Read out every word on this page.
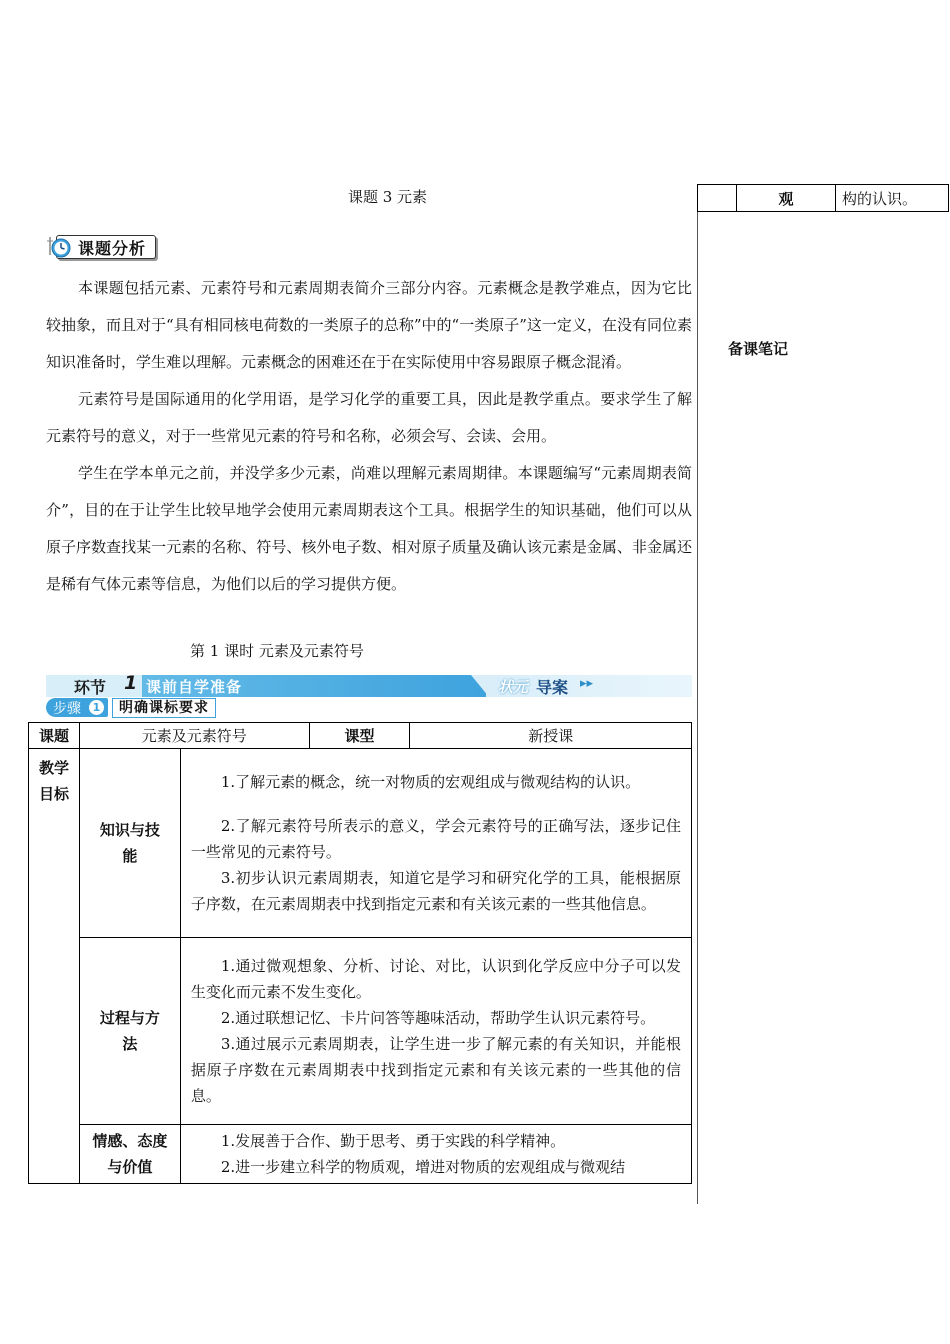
课题 3 元素
		观	构的认识。
备课笔记
课题分析

本课题包括元素、元素符号和元素周期表简介三部分内容。元素概念是教学难点，因为它比较抽象，而且对于“具有相同核电荷数的一类原子的总称”中的“一类原子”这一定义，在没有同位素知识准备时，学生难以理解。元素概念的困难还在于在实际使用中容易跟原子概念混淆。

元素符号是国际通用的化学用语，是学习化学的重要工具，因此是教学重点。要求学生了解元素符号的意义，对于一些常见元素的符号和名称，必须会写、会读、会用。

学生在学本单元之前，并没学多少元素，尚难以理解元素周期律。本课题编写“元素周期表简介”，目的在于让学生比较早地学会使用元素周期表这个工具。根据学生的知识基础，他们可以从原子序数查找某一元素的名称、符号、核外电子数、相对原子质量及确认该元素是金属、非金属还是稀有气体元素等信息，为他们以后的学习提供方便。

第 1 课时 元素及元素符号
环节 1 课前自学准备	状元 导案 ▸▸
步骤	1	明确课标要求
课题	元素及元素符号		课型	新授课
教学目标	知识与技能	1.了解元素的概念，统一对物质的宏观组成与微观结构的认识。

2.了解元素符号所表示的意义，学会元素符号的正确写法，逐步记住一些常见的元素符号。

3.初步认识元素周期表，知道它是学习和研究化学的工具，能根据原子序数，在元素周期表中找到指定元素和有关该元素的一些其他信息。		

	过程与方法	1.通过微观想象、分析、讨论、对比，认识到化学反应中分子可以发生变化而元素不发生变化。

2.通过联想记忆、卡片问答等趣味活动，帮助学生认识元素符号。

3.通过展示元素周期表，让学生进一步了解元素的有关知识，并能根据原子序数在元素周期表中找到指定元素和有关该元素的一些其他的信息。		

	情感、态度与价值	1.发展善于合作、勤于思考、勇于实践的科学精神。

2.进一步建立科学的物质观，增进对物质的宏观组成与微观结		
